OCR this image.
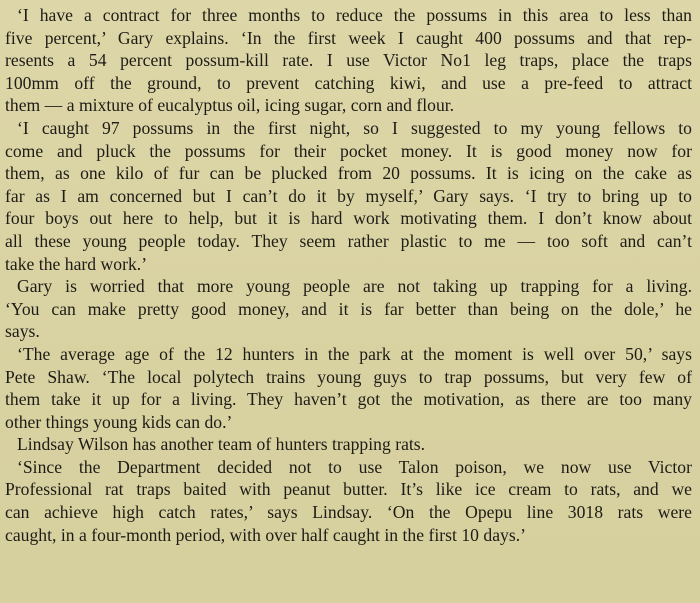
‘I have a contract for three months to reduce the possums in this area to less than
five percent,’ Gary explains. ‘In the first week I caught 400 possums and that rep-
resents a 54 percent possum-kill rate. I use Victor No1 leg traps, place the traps
100mm off the ground, to prevent catching kiwi, and use a pre-feed to attract
them — a mixture of eucalyptus oil, icing sugar, corn and flour.
‘I caught 97 possums in the first night, so I suggested to my young fellows to
come and pluck the possums for their pocket money. It is good money now for
them, as one kilo of fur can be plucked from 20 possums. It is icing on the cake as
far as I am concerned but I can’t do it by myself,’ Gary says. ‘I try to bring up to
four boys out here to help, but it is hard work motivating them. I don’t know about
all these young people today. They seem rather plastic to me — too soft and can’t
take the hard work.’
Gary is worried that more young people are not taking up trapping for a living.
‘You can make pretty good money, and it is far better than being on the dole,’ he
says.
‘The average age of the 12 hunters in the park at the moment is well over 50,’ says
Pete Shaw. ‘The local polytech trains young guys to trap possums, but very few of
them take it up for a living. They haven’t got the motivation, as there are too many
other things young kids can do.’
Lindsay Wilson has another team of hunters trapping rats.
‘Since the Department decided not to use Talon poison, we now use Victor
Professional rat traps baited with peanut butter. It’s like ice cream to rats, and we
can achieve high catch rates,’ says Lindsay. ‘On the Opepu line 3018 rats were
caught, in a four-month period, with over half caught in the first 10 days.’
